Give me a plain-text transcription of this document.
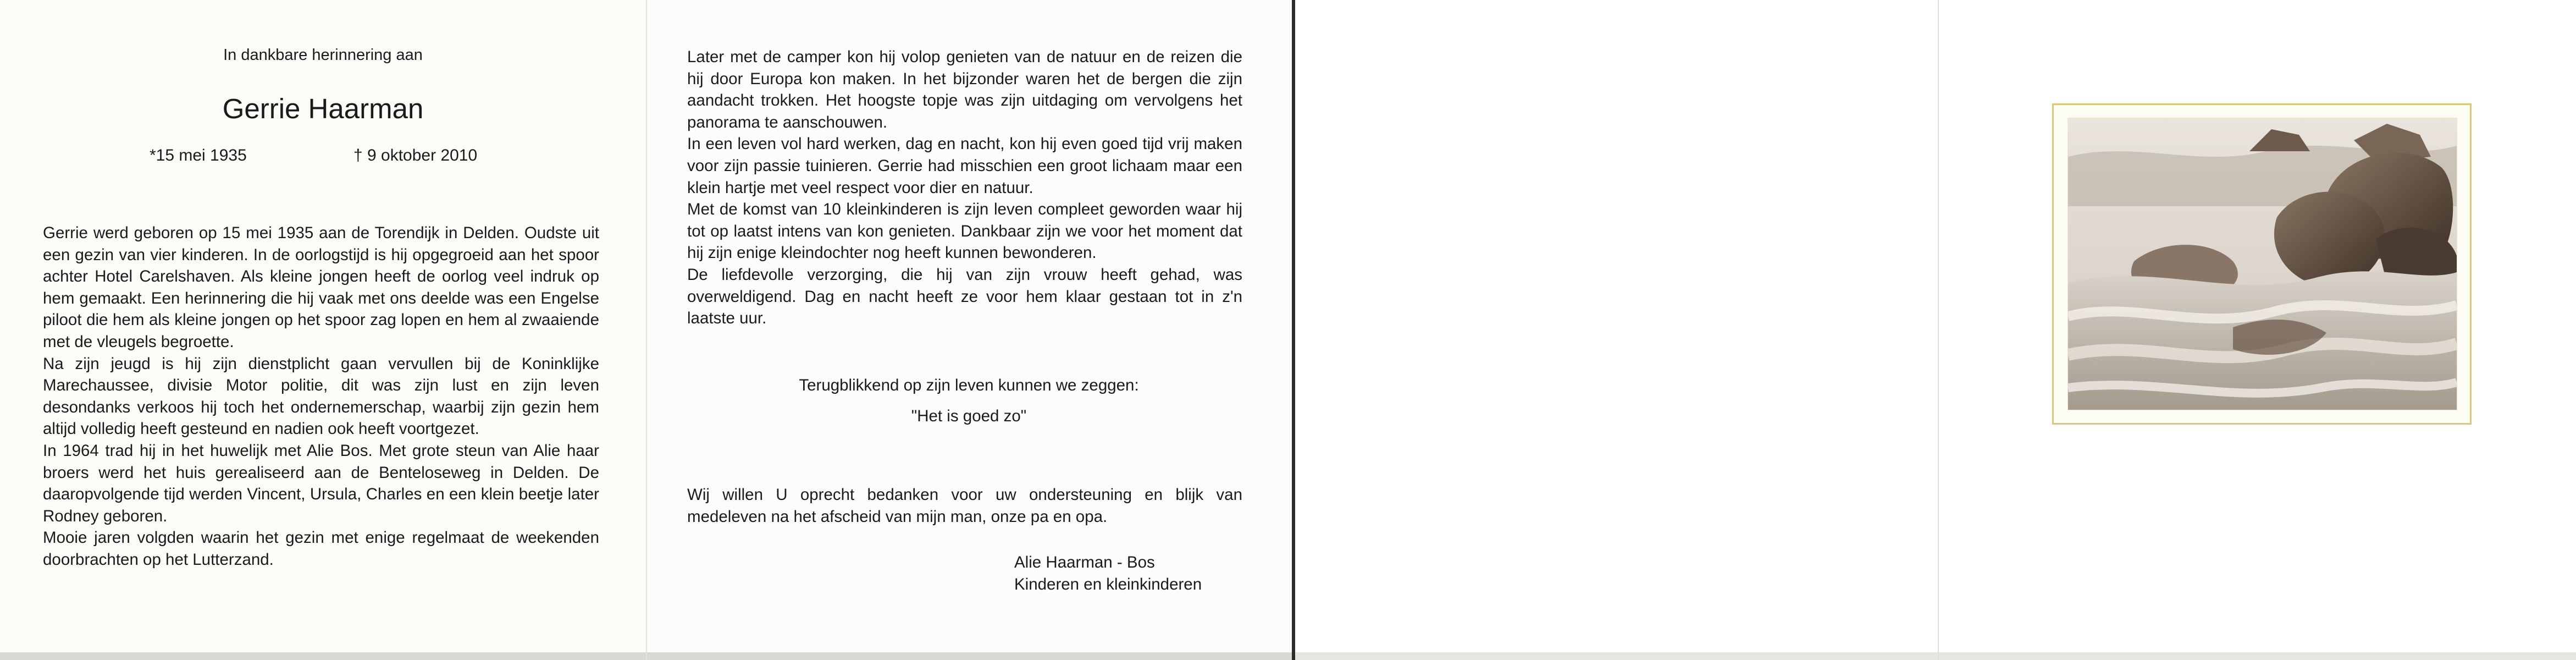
In dankbare herinnering aan
Gerrie Haarman
*15 mei 1935	† 9 oktober 2010

Gerrie werd geboren op 15 mei 1935 aan de Torendijk in Delden. Oudste uit een gezin van vier kinderen. In de oorlogstijd is hij opgegroeid aan het spoor achter Hotel Carelshaven. Als kleine jongen heeft de oorlog veel indruk op hem gemaakt. Een herinnering die hij vaak met ons deelde was een Engelse piloot die hem als kleine jongen op het spoor zag lopen en hem al zwaaiende met de vleugels begroette.

Na zijn jeugd is hij zijn dienstplicht gaan vervullen bij de Koninklijke Marechaussee, divisie Motor politie, dit was zijn lust en zijn leven desondanks verkoos hij toch het ondernemerschap, waarbij zijn gezin hem altijd volledig heeft gesteund en nadien ook heeft voortgezet.

In 1964 trad hij in het huwelijk met Alie Bos. Met grote steun van Alie haar broers werd het huis gerealiseerd aan de Benteloseweg in Delden. De daaropvolgende tijd werden Vincent, Ursula, Charles en een klein beetje later Rodney geboren.

Mooie jaren volgden waarin het gezin met enige regelmaat de weekenden doorbrachten op het Lutterzand.

Later met de camper kon hij volop genieten van de natuur en de reizen die hij door Europa kon maken. In het bijzonder waren het de bergen die zijn aandacht trokken. Het hoogste topje was zijn uitdaging om vervolgens het panorama te aanschouwen.

In een leven vol hard werken, dag en nacht, kon hij even goed tijd vrij maken voor zijn passie tuinieren. Gerrie had misschien een groot lichaam maar een klein hartje met veel respect voor dier en natuur.

Met de komst van 10 kleinkinderen is zijn leven compleet geworden waar hij tot op laatst intens van kon genieten. Dankbaar zijn we voor het moment dat hij zijn enige kleindochter nog heeft kunnen bewonderen.

De liefdevolle verzorging, die hij van zijn vrouw heeft gehad, was overweldigend. Dag en nacht heeft ze voor hem klaar gestaan tot in z'n laatste uur.

Terugblikkend op zijn leven kunnen we zeggen:
"Het is goed zo"
Wij willen U oprecht bedanken voor uw ondersteuning en blijk van medeleven na het afscheid van mijn man, onze pa en opa.
Alie Haarman - Bos
Kinderen en kleinkinderen
